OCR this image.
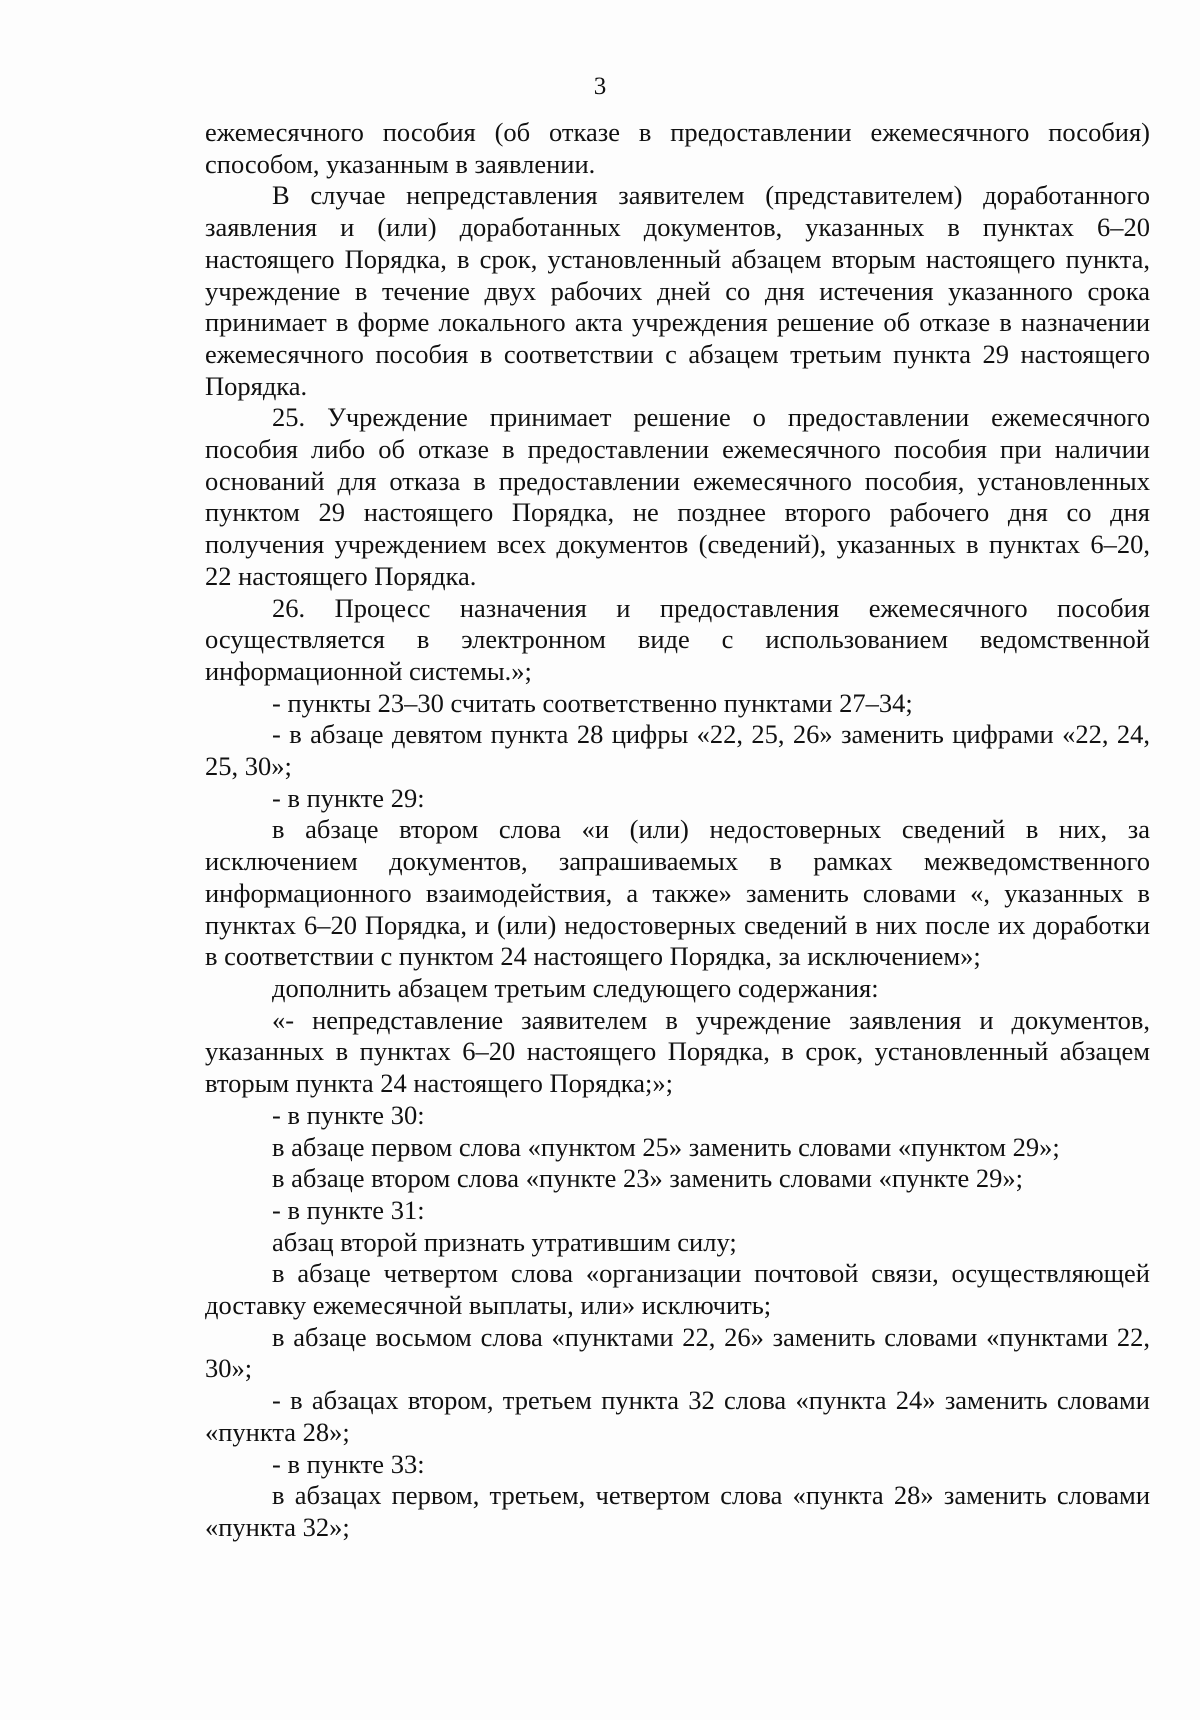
3

ежемесячного пособия (об отказе в предоставлении ежемесячного пособия) способом, указанным в заявлении.

В случае непредставления заявителем (представителем) доработанного заявления и (или) доработанных документов, указанных в пунктах 6–20 настоящего Порядка, в срок, установленный абзацем вторым настоящего пункта, учреждение в течение двух рабочих дней со дня истечения указанного срока принимает в форме локального акта учреждения решение об отказе в назначении ежемесячного пособия в соответствии с абзацем третьим пункта 29 настоящего Порядка.

25. Учреждение принимает решение о предоставлении ежемесячного пособия либо об отказе в предоставлении ежемесячного пособия при наличии оснований для отказа в предоставлении ежемесячного пособия, установленных пунктом 29 настоящего Порядка, не позднее второго рабочего дня со дня получения учреждением всех документов (сведений), указанных в пунктах 6–20, 22 настоящего Порядка.

26. Процесс назначения и предоставления ежемесячного пособия осуществляется в электронном виде с использованием ведомственной информационной системы.»;

- пункты 23–30 считать соответственно пунктами 27–34;

- в абзаце девятом пункта 28 цифры «22, 25, 26» заменить цифрами «22, 24, 25, 30»;

- в пункте 29:

в абзаце втором слова «и (или) недостоверных сведений в них, за исключением документов, запрашиваемых в рамках межведомственного информационного взаимодействия, а также» заменить словами «, указанных в пунктах 6–20 Порядка, и (или) недостоверных сведений в них после их доработки в соответствии с пунктом 24 настоящего Порядка, за исключением»;

дополнить абзацем третьим следующего содержания:

«- непредставление заявителем в учреждение заявления и документов, указанных в пунктах 6–20 настоящего Порядка, в срок, установленный абзацем вторым пункта 24 настоящего Порядка;»;

- в пункте 30:

в абзаце первом слова «пунктом 25» заменить словами «пунктом 29»;

в абзаце втором слова «пункте 23» заменить словами «пункте 29»;

- в пункте 31:

абзац второй признать утратившим силу;

в абзаце четвертом слова «организации почтовой связи, осуществляющей доставку ежемесячной выплаты, или» исключить;

в абзаце восьмом слова «пунктами 22, 26» заменить словами «пунктами 22, 30»;

- в абзацах втором, третьем пункта 32 слова «пункта 24» заменить словами «пункта 28»;

- в пункте 33:

в абзацах первом, третьем, четвертом слова «пункта 28» заменить словами «пункта 32»;
